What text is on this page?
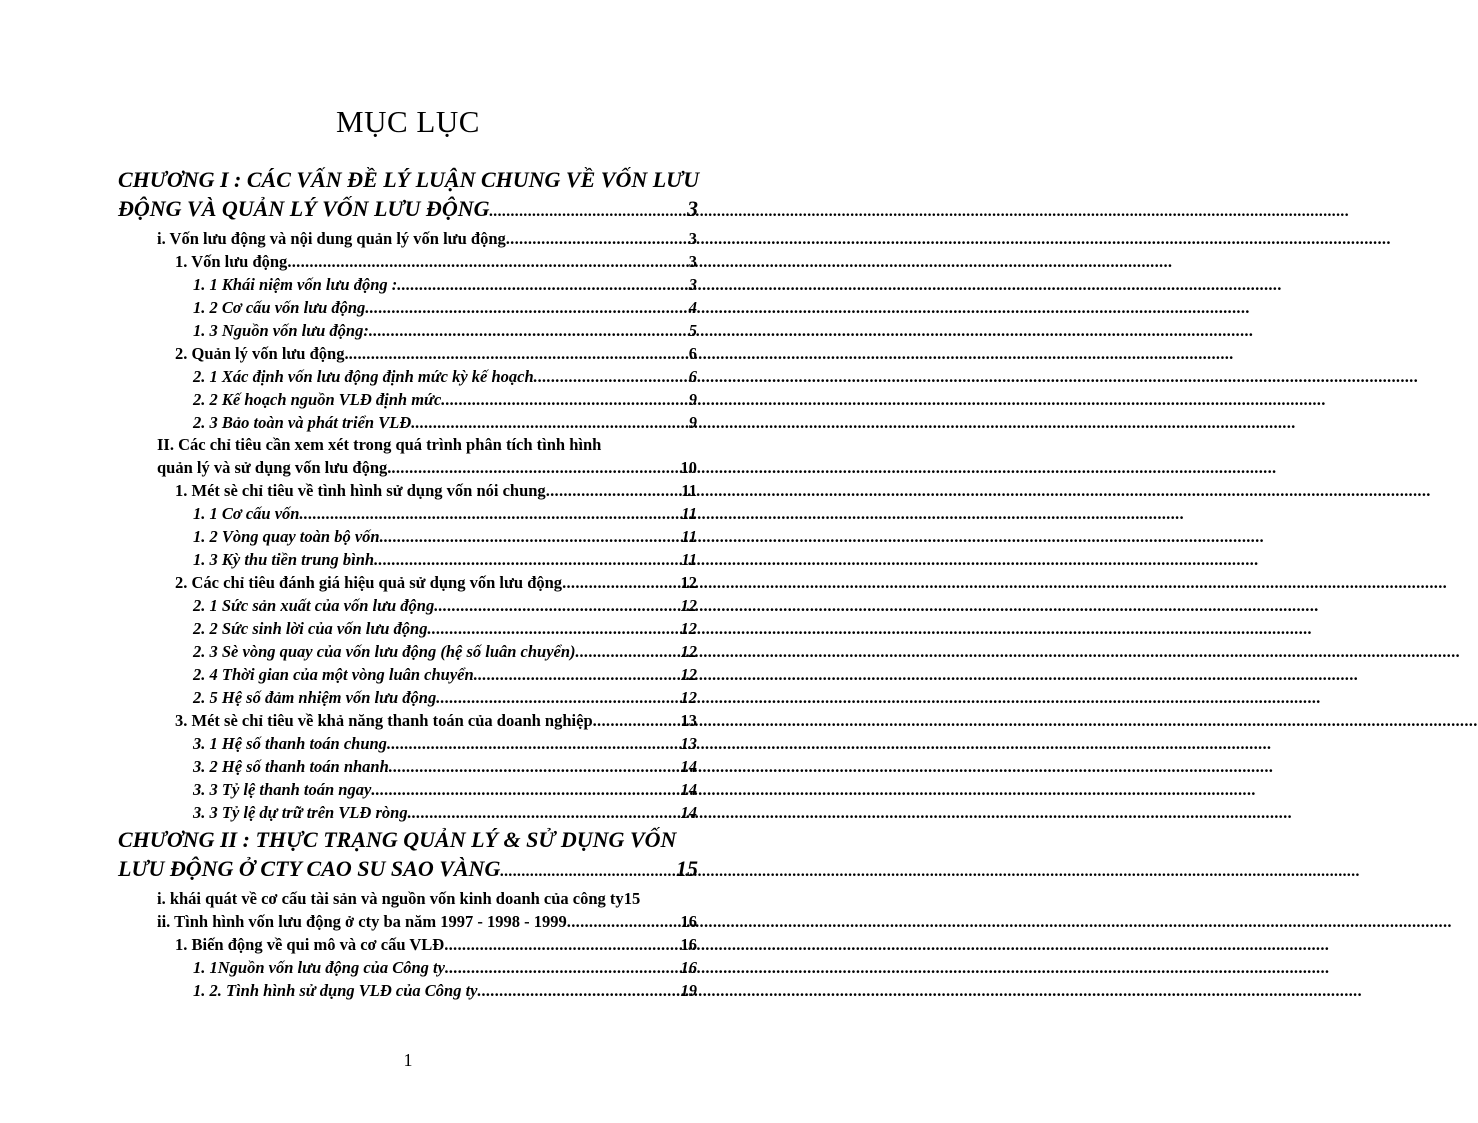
MỤC LỤC
CHƯƠNG I : CÁC VẤN ĐỀ LÝ LUẬN CHUNG VỀ VỐN LƯU
ĐỘNG VÀ QUẢN LÝ VỐN LƯU ĐỘNG .....	3
i. Vốn lưu động và nội dung quản lý vốn lưu động .....	3
1. Vốn lưu động .....	3
1. 1 Khái niệm vốn lưu động : .....	3
1. 2 Cơ cấu vốn lưu động .....	4
1. 3 Nguồn vốn lưu động: .....	5
2. Quản lý vốn lưu động. .....	6
2. 1 Xác định vốn lưu động định mức kỳ kế hoạch .....	6
2. 2 Kế hoạch nguồn VLĐ định mức .....	9
2. 3 Bảo toàn và phát triển VLĐ .....	9
II. Các chỉ tiêu cần xem xét trong quá trình phân tích tình hình
quản lý và sử dụng vốn lưu động. .....	10
1. Mét sè chỉ tiêu về tình hình sử dụng vốn nói chung .....	11
1. 1 Cơ cấu vốn .....	11
1. 2 Vòng quay toàn bộ vốn .....	11
1. 3 Kỳ thu tiền trung bình .....	11
2. Các chỉ tiêu đánh giá hiệu quả sử dụng vốn lưu động .....	12
2. 1 Sức sản xuất của vốn lưu động .....	12
2. 2 Sức sinh lời của vốn lưu động .....	12
2. 3 Sè vòng quay của vốn lưu động (hệ số luân chuyển) .....	12
2. 4 Thời gian của một vòng luân chuyển .....	12
2. 5 Hệ số đảm nhiệm vốn lưu động .....	12
3. Mét sè chỉ tiêu về khả năng thanh toán của doanh nghiệp .....	13
3. 1 Hệ số thanh toán chung .....	13
3. 2 Hệ số thanh toán nhanh .....	14
3. 3 Tỷ lệ thanh toán ngay .....	14
3. 3 Tỷ lệ dự trữ trên VLĐ ròng .....	14
CHƯƠNG II : THỰC TRẠNG QUẢN LÝ & SỬ DỤNG VỐN
LƯU ĐỘNG Ở CTY CAO SU SAO VÀNG .....	15
i. khái quát về cơ cấu tài sản và nguồn vốn kinh doanh của công ty 15
ii. Tình hình vốn lưu động ở cty ba năm 1997 - 1998 - 1999 .....	16
1. Biến động về qui mô và cơ cấu VLĐ .....	16
1. 1Nguồn vốn lưu động của Công ty .....	16
1. 2. Tình hình sử dụng VLĐ của Công ty .....	19
1
